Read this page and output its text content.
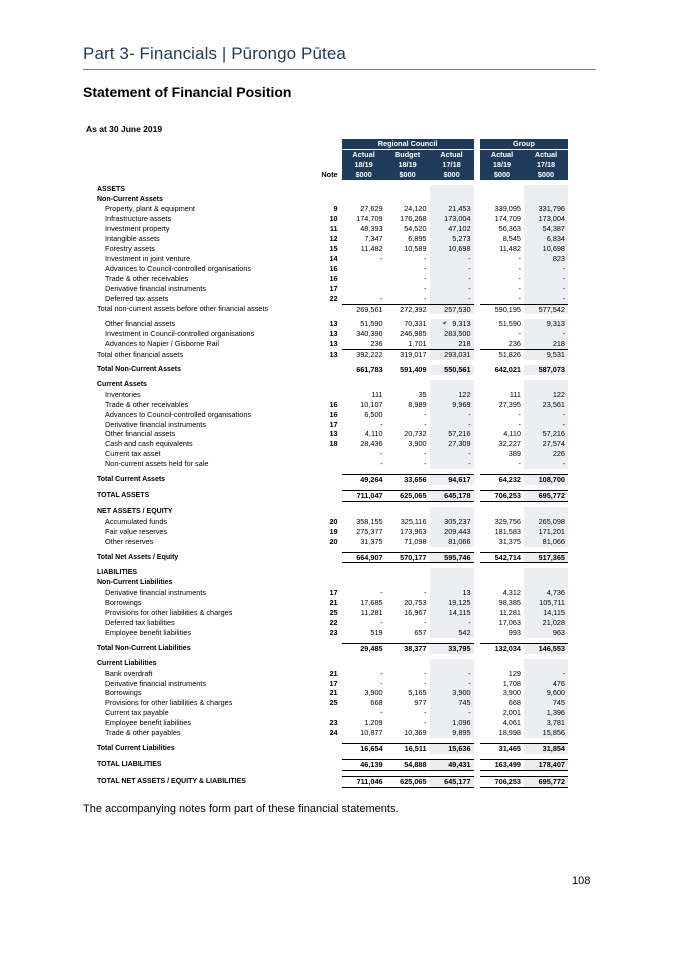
Part 3- Financials | Pūrongo Pūtea
Statement of Financial Position
As at 30 June 2019
		Regional Council				Group	
		Actual	Budget	Actual		Actual	Actual
		18/19	18/19	17/18		18/19	17/18
	Note	$000	$000	$000		$000	$000

ASSETS							
Non-Current Assets							
Property, plant & equipment	9	27,629	24,120	21,453		339,095	331,796
Infrastructure assets	10	174,709	176,268	173,004		174,709	173,004
Investment property	11	48,393	54,520	47,102		56,363	54,387
Intangible assets	12	7,347	6,895	5,273		8,545	6,834
Forestry assets	15	11,482	10,589	10,698		11,482	10,698
Investment in joint venture	14	-	-	-		-	823
Advances to Council-controlled organisations	16		-	-		-	-
Trade & other receivables	16		-	-		-	-
Derivative financial instruments	17		-	-		-	-
Deferred tax assets	22	-	-	-		-	-
Total non-current assets before other financial assets		269,561	272,392	257,530		590,195	577,542

Other financial assets	13	51,590	70,331	9,313		51,590	9,313
Investment in Council-controlled organisations	13	340,396	246,985	283,500		-	-
Advances to Napier / Gisborne Rail	13	236	1,701	218		236	218
Total other financial assets	13	392,222	319,017	293,031		51,826	9,531

Total Non-Current Assets		661,783	591,409	550,561		642,021	587,073

Current Assets							
Inventories		111	35	122		111	122
Trade & other receivables	16	10,107	8,989	9,969		27,395	23,561
Advances to Council-controlled organisations	16	6,500	-	-		-	-
Derivative financial instruments	17	-	-	-		-	-
Other financial assets	13	4,110	20,732	57,216		4,110	57,216
Cash and cash equivalents	18	28,436	3,900	27,309		32,227	27,574
Current tax asset		-	-	-		389	226
Non-current assets held for sale		-	-	-		-	-

Total Current Assets		49,264	33,656	94,617		64,232	108,700

TOTAL ASSETS		711,047	625,065	645,178		706,253	695,772

NET ASSETS / EQUITY							
Accumulated funds	20	358,155	325,116	305,237		329,756	265,098
Fair value reserves	19	275,377	173,963	209,443		181,583	171,201
Other reserves	20	31,375	71,098	81,066		31,375	81,066

Total Net Assets / Equity		664,907	570,177	595,746		542,714	517,365

LIABILITIES							
Non-Current Liabilities							
Derivative financial instruments	17	-	-	13		4,312	4,736
Borrowings	21	17,685	20,753	19,125		98,385	105,711
Provisions for other liabilities & charges	25	11,281	16,967	14,115		11,281	14,115
Deferred tax liabilities	22	-	-	-		17,063	21,028
Employee benefit liabilities	23	519	657	542		993	963

Total Non-Current Liabilities		29,485	38,377	33,795		132,034	146,553

Current Liabilities							
Bank overdraft	21	-	-	-		129	-
Derivative financial instruments	17	-	-	-		1,708	476
Borrowings	21	3,900	5,165	3,900		3,900	9,600
Provisions for other liabilities & charges	25	668	977	745		668	745
Current tax payable		-	-	-		2,001	1,396
Employee benefit liabilities	23	1,209	-	1,096		4,061	3,781
Trade & other payables	24	10,877	10,369	9,895		18,998	15,856

Total Current Liabilities		16,654	16,511	15,636		31,465	31,854

TOTAL LIABILITIES		46,139	54,888	49,431		163,499	178,407

TOTAL NET ASSETS / EQUITY & LIABILITIES		711,046	625,065	645,177		706,253	695,772
The accompanying notes form part of these financial statements.
108
